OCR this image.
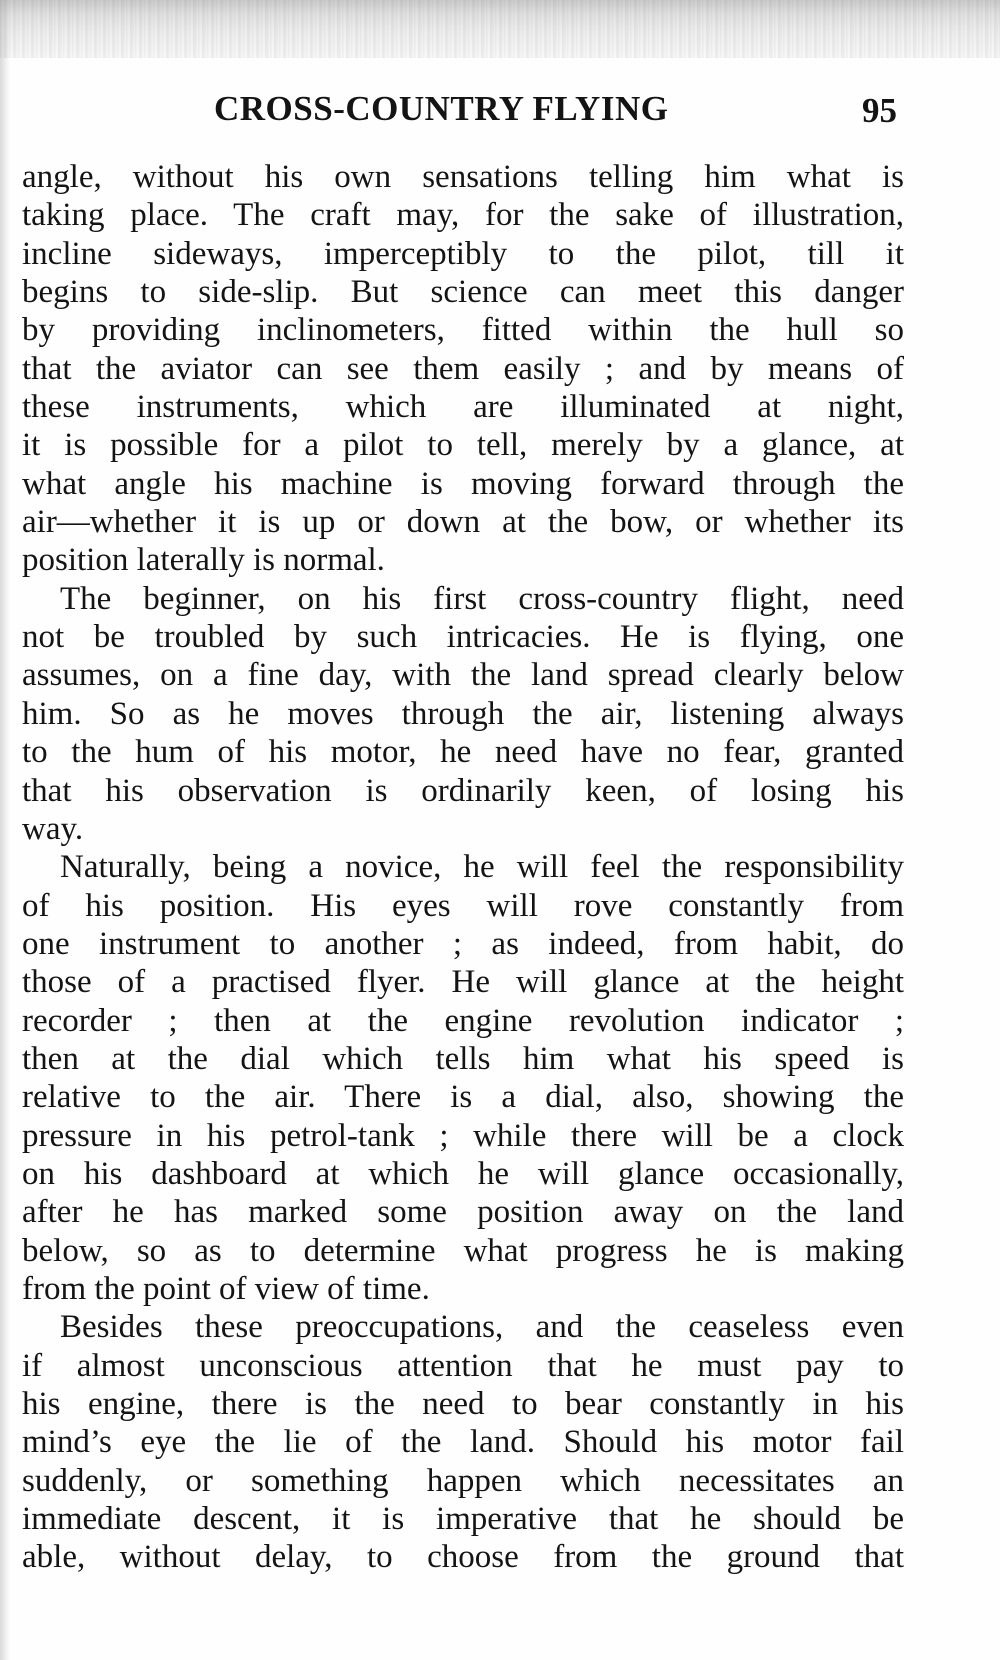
CROSS-COUNTRY FLYING	95
angle, without his own sensations telling him what is
taking place. The craft may, for the sake of illustration,
incline sideways, imperceptibly to the pilot, till it
begins to side-slip. But science can meet this danger
by providing inclinometers, fitted within the hull so
that the aviator can see them easily ; and by means of
these instruments, which are illuminated at night,
it is possible for a pilot to tell, merely by a glance, at
what angle his machine is moving forward through the
air—whether it is up or down at the bow, or whether its
position laterally is normal.
The beginner, on his first cross-country flight, need
not be troubled by such intricacies. He is flying, one
assumes, on a fine day, with the land spread clearly below
him. So as he moves through the air, listening always
to the hum of his motor, he need have no fear, granted
that his observation is ordinarily keen, of losing his
way.
Naturally, being a novice, he will feel the responsibility
of his position. His eyes will rove constantly from
one instrument to another ; as indeed, from habit, do
those of a practised flyer. He will glance at the height
recorder ; then at the engine revolution indicator ;
then at the dial which tells him what his speed is
relative to the air. There is a dial, also, showing the
pressure in his petrol-tank ; while there will be a clock
on his dashboard at which he will glance occasionally,
after he has marked some position away on the land
below, so as to determine what progress he is making
from the point of view of time.
Besides these preoccupations, and the ceaseless even
if almost unconscious attention that he must pay to
his engine, there is the need to bear constantly in his
mind’s eye the lie of the land. Should his motor fail
suddenly, or something happen which necessitates an
immediate descent, it is imperative that he should be
able, without delay, to choose from the ground that
